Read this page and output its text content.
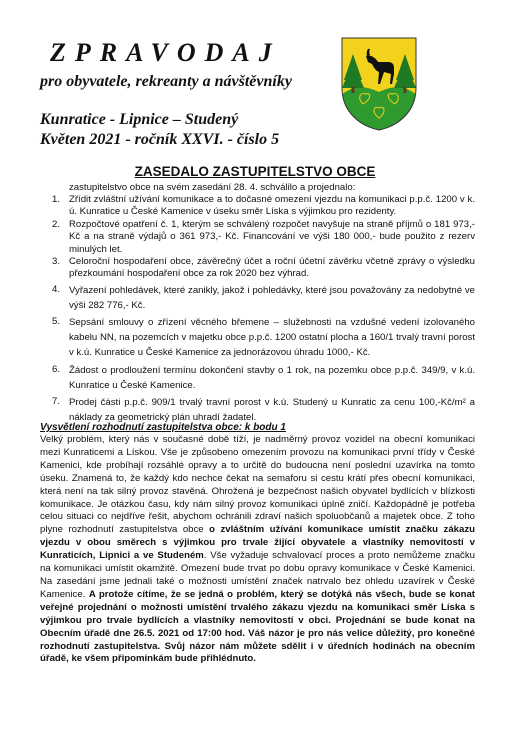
ZPRAVODAJ
pro obyvatele, rekreanty a návštěvníky
Kunratice - Lipnice – Studený
Květen 2021 - ročník XXVI. - číslo 5
ZASEDALO ZASTUPITELSTVO OBCE
zastupitelstvo obce na svém zasedání 28. 4. schválilo a projednalo:
1. Zřídit zvláštní užívání komunikace a to dočasné omezení vjezdu na komunikaci p.p.č. 1200 v k. ú. Kunratice u České Kamenice v úseku směr Líska s výjimkou pro rezidenty.
2. Rozpočtové opatření č. 1, kterým se schválený rozpočet navyšuje na straně příjmů o 181 973,- Kč a na straně výdajů o 361 973,- Kč. Financování ve výši 180 000,- bude použito z rezerv minulých let.
3. Celoroční hospodaření obce, závěrečný účet a roční účetní závěrku včetně zprávy o výsledku přezkoumání hospodaření obce za rok 2020 bez výhrad.
4. Vyřazení pohledávek, které zanikly, jakož i pohledávky, které jsou považovány za nedobytné ve výši 282 776,- Kč.
5. Sepsání smlouvy o zřízení věcného břemene – služebnosti na vzdušné vedení izolovaného kabelu NN, na pozemcích v majetku obce p.p.č. 1200 ostatní plocha a 160/1 trvalý travní porost v k.ú. Kunratice u České Kamenice za jednorázovou úhradu 1000,- Kč.
6. Žádost o prodloužení termínu dokončení stavby o 1 rok, na pozemku obce p.p.č. 349/9, v k.ú. Kunratice u České Kamenice.
7. Prodej části p.p.č. 909/1 trvalý travní porost v k.ú. Studený u Kunratic za cenu 100,-Kč/m² a náklady za geometrický plán uhradí žadatel.
Vysvětlení rozhodnutí zastupitelstva obce: k bodu 1

Velký problém, který nás v současné době tíží, je nadměrný provoz vozidel na obecní komunikaci mezi Kunraticemi a Lískou. Vše je způsobeno omezením provozu na komunikaci první třídy v České Kamenici, kde probíhají rozsáhlé opravy a to určitě do budoucna není poslední uzavírka na tomto úseku. Znamená to, že každý kdo nechce čekat na semaforu si cestu krátí přes obecní komunikaci, která není na tak silný provoz stavěná. Ohrožená je bezpečnost našich obyvatel bydlících v blízkosti komunikace. Je otázkou času, kdy nám silný provoz komunikaci úplně zničí. Každopádně je potřeba celou situaci co nejdříve řešit, abychom ochránili zdraví našich spoluobčanů a majetek obce. Z toho plyne rozhodnutí zastupitelstva obce o zvláštním užívání komunikace umístit značku zákazu vjezdu v obou směrech s výjimkou pro trvale žijící obyvatele a vlastníky nemovitostí v Kunraticích, Lipnici a ve Studeném. Vše vyžaduje schvalovací proces a proto nemůžeme značku na komunikaci umístit okamžitě. Omezení bude trvat po dobu opravy komunikace v České Kamenici. Na zasedání jsme jednali také o možnosti umístění značek natrvalo bez ohledu uzavírek v České Kamenice. A protože cítíme, že se jedná o problém, který se dotýká nás všech, bude se konat veřejné projednání o možnosti umístění trvalého zákazu vjezdu na komunikaci směr Líska s výjimkou pro trvale bydlících a vlastníky nemovitostí v obci. Projednání se bude konat na Obecním úřadě dne 26.5. 2021 od 17:00 hod. Váš názor je pro nás velice důležitý, pro konečné rozhodnutí zastupitelstva. Svůj názor nám můžete sdělit i v úředních hodinách na obecním úřadě, ke všem připomínkám bude přihlédnuto.
